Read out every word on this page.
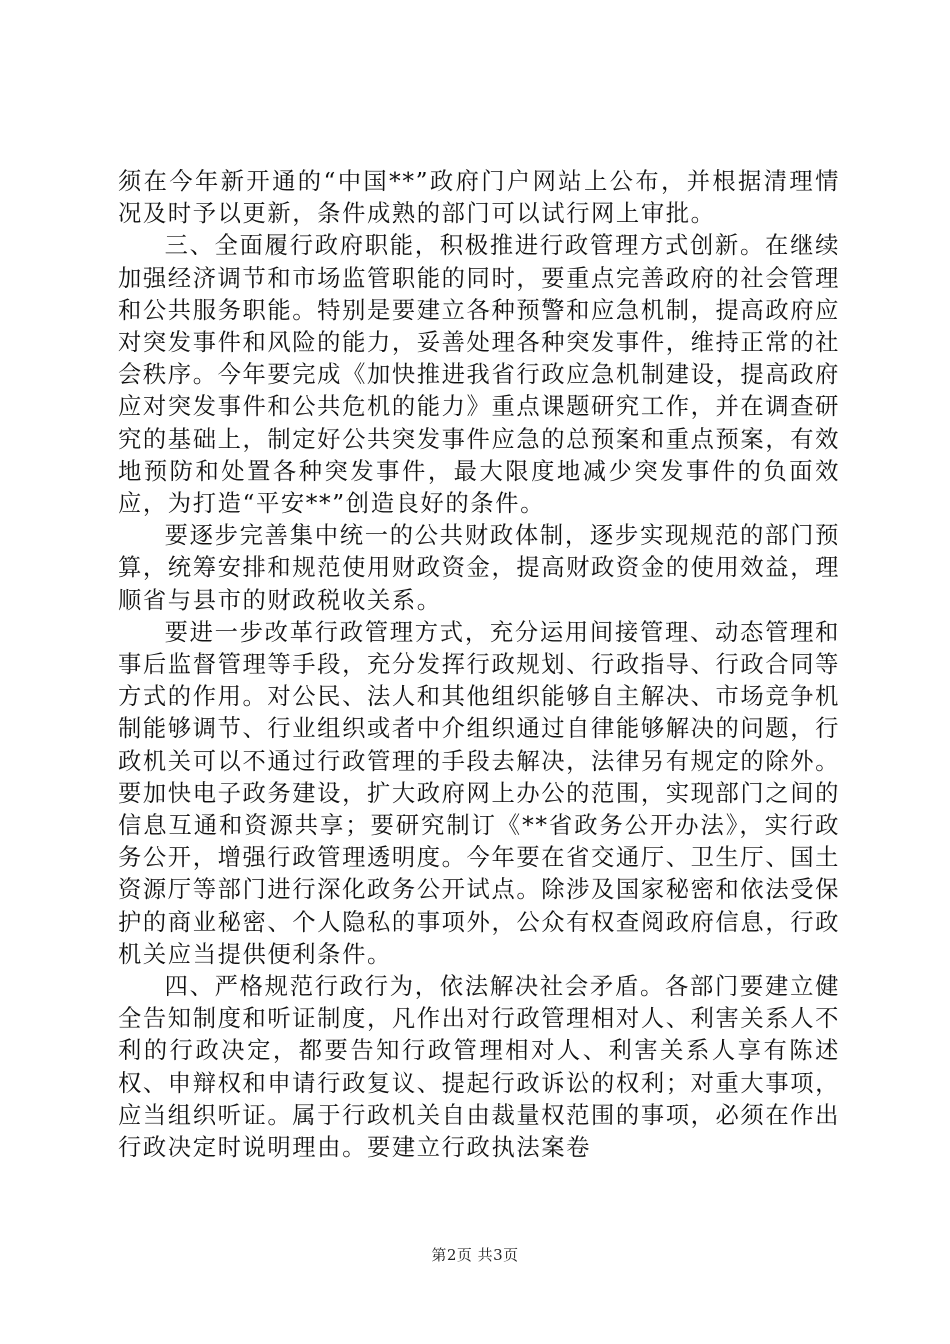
须在今年新开通的“中国**”政府门户网站上公布，并根据清理情况及时予以更新，条件成熟的部门可以试行网上审批。

三、全面履行政府职能，积极推进行政管理方式创新。在继续加强经济调节和市场监管职能的同时，要重点完善政府的社会管理和公共服务职能。特别是要建立各种预警和应急机制，提高政府应对突发事件和风险的能力，妥善处理各种突发事件，维持正常的社会秩序。今年要完成《加快推进我省行政应急机制建设，提高政府应对突发事件和公共危机的能力》重点课题研究工作，并在调查研究的基础上，制定好公共突发事件应急的总预案和重点预案，有效地预防和处置各种突发事件，最大限度地减少突发事件的负面效应，为打造“平安**”创造良好的条件。

要逐步完善集中统一的公共财政体制，逐步实现规范的部门预算，统筹安排和规范使用财政资金，提高财政资金的使用效益，理顺省与县市的财政税收关系。

要进一步改革行政管理方式，充分运用间接管理、动态管理和事后监督管理等手段，充分发挥行政规划、行政指导、行政合同等方式的作用。对公民、法人和其他组织能够自主解决、市场竞争机制能够调节、行业组织或者中介组织通过自律能够解决的问题，行政机关可以不通过行政管理的手段去解决，法律另有规定的除外。要加快电子政务建设，扩大政府网上办公的范围，实现部门之间的信息互通和资源共享；要研究制订《**省政务公开办法》，实行政务公开，增强行政管理透明度。今年要在省交通厅、卫生厅、国土资源厅等部门进行深化政务公开试点。除涉及国家秘密和依法受保护的商业秘密、个人隐私的事项外，公众有权查阅政府信息，行政机关应当提供便利条件。

四、严格规范行政行为，依法解决社会矛盾。各部门要建立健全告知制度和听证制度，凡作出对行政管理相对人、利害关系人不利的行政决定，都要告知行政管理相对人、利害关系人享有陈述权、申辩权和申请行政复议、提起行政诉讼的权利；对重大事项，应当组织听证。属于行政机关自由裁量权范围的事项，必须在作出行政决定时说明理由。要建立行政执法案卷

第2页 共3页
